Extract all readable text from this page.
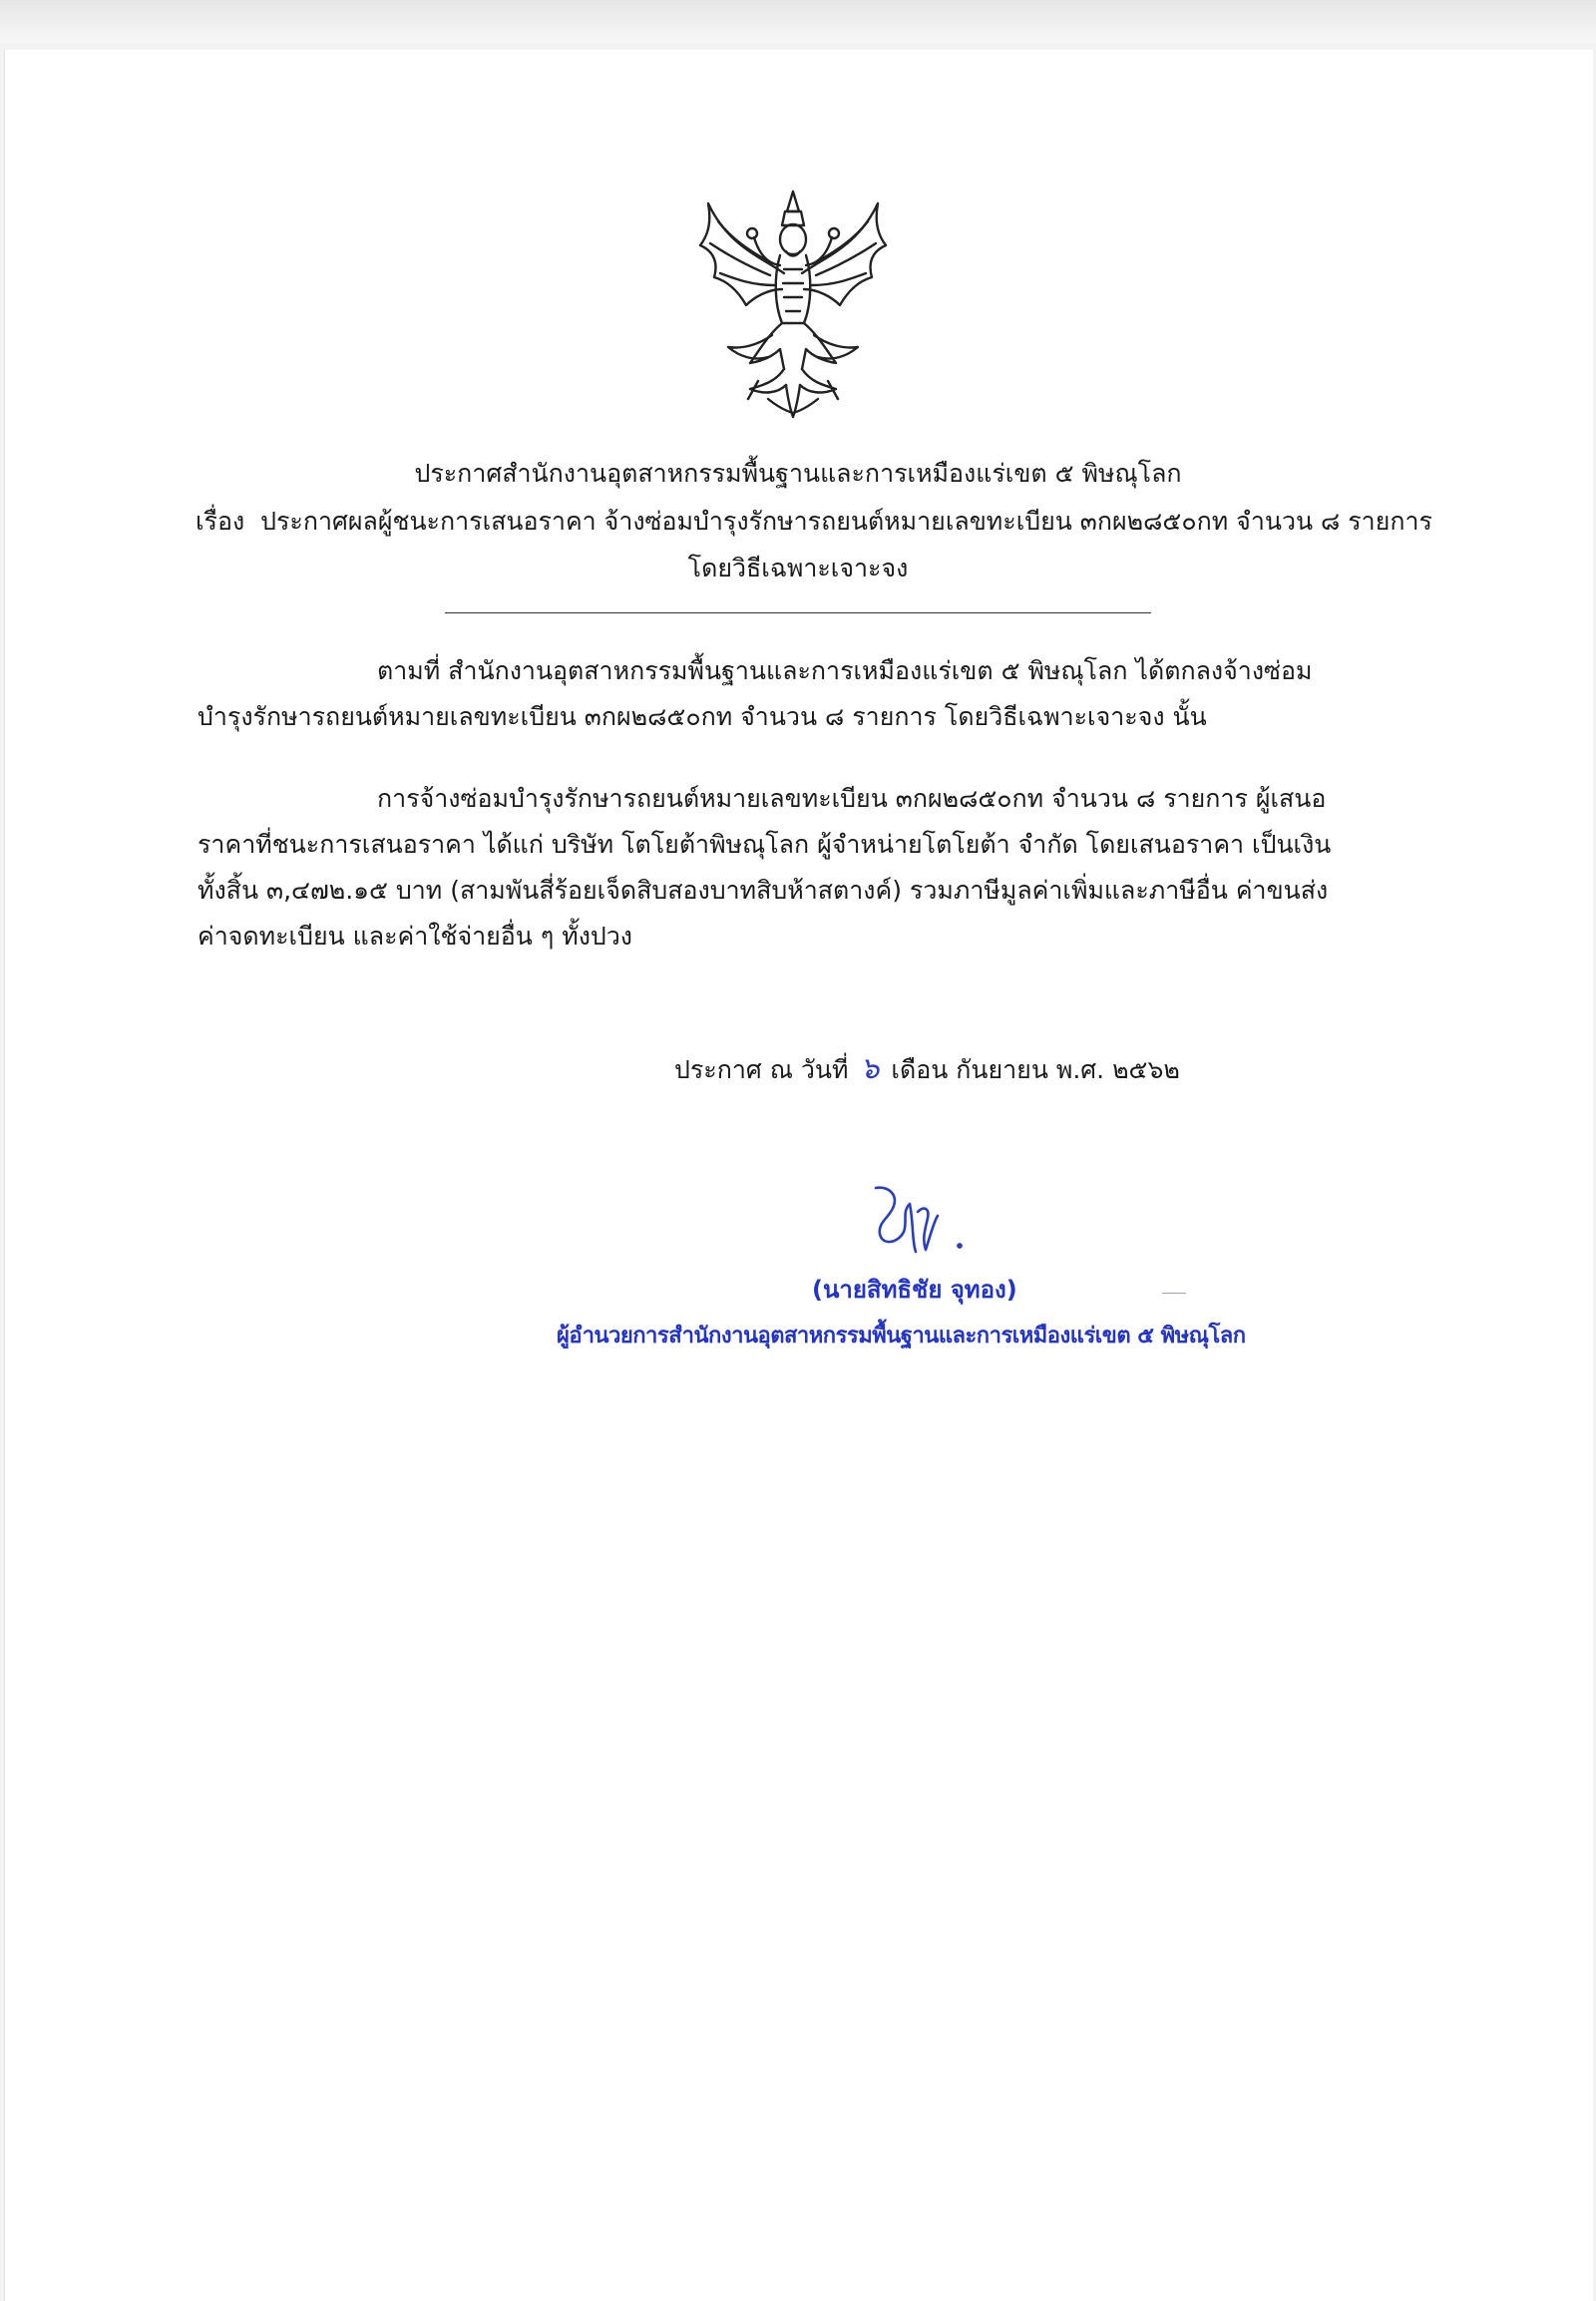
ประกาศสำนักงานอุตสาหกรรมพื้นฐานและการเหมืองแร่เขต ๕ พิษณุโลก
เรื่อง ประกาศผลผู้ชนะการเสนอราคา จ้างซ่อมบำรุงรักษารถยนต์หมายเลขทะเบียน ๓กผ๒๘๕๐กท จำนวน ๘ รายการ
โดยวิธีเฉพาะเจาะจง
ตามที่ สำนักงานอุตสาหกรรมพื้นฐานและการเหมืองแร่เขต ๕ พิษณุโลก ได้ตกลงจ้างซ่อม
บำรุงรักษารถยนต์หมายเลขทะเบียน ๓กผ๒๘๕๐กท จำนวน ๘ รายการ โดยวิธีเฉพาะเจาะจง นั้น
การจ้างซ่อมบำรุงรักษารถยนต์หมายเลขทะเบียน ๓กผ๒๘๕๐กท จำนวน ๘ รายการ ผู้เสนอ
ราคาที่ชนะการเสนอราคา ได้แก่ บริษัท โตโยต้าพิษณุโลก ผู้จำหน่ายโตโยต้า จำกัด โดยเสนอราคา เป็นเงิน
ทั้งสิ้น ๓,๔๗๒.๑๕ บาท (สามพันสี่ร้อยเจ็ดสิบสองบาทสิบห้าสตางค์) รวมภาษีมูลค่าเพิ่มและภาษีอื่น ค่าขนส่ง
ค่าจดทะเบียน และค่าใช้จ่ายอื่น ๆ ทั้งปวง
ประกาศ ณ วันที่ ๖ เดือน กันยายน พ.ศ. ๒๕๖๒
(นายสิทธิชัย จุทอง)
ผู้อำนวยการสำนักงานอุตสาหกรรมพื้นฐานและการเหมืองแร่เขต ๕ พิษณุโลก
